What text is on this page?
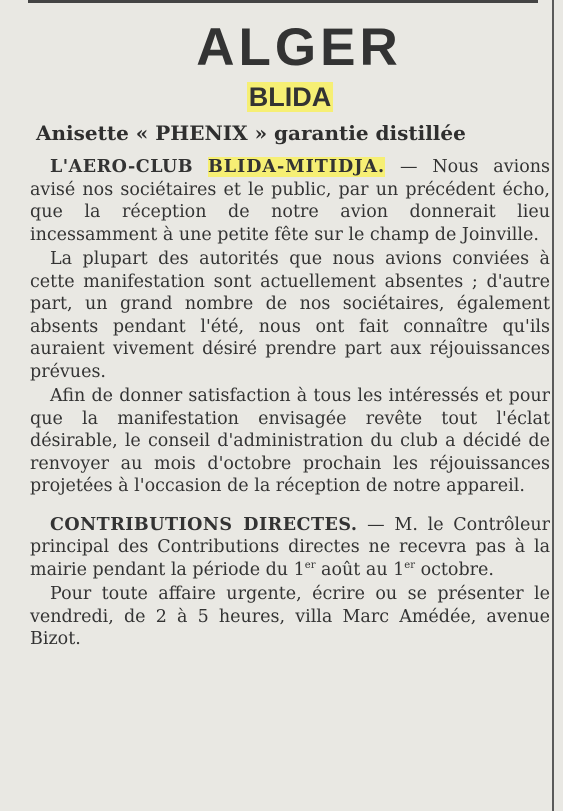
ALGER
BLIDA
Anisette « PHENIX » garantie distillée

L'AERO-CLUB BLIDA-MITIDJA. — Nous avions avisé nos sociétaires et le public, par un précédent écho, que la réception de notre avion donnerait lieu incessamment à une petite fête sur le champ de Joinville.

La plupart des autorités que nous avions conviées à cette manifestation sont actuellement absentes ; d'autre part, un grand nombre de nos sociétaires, également absents pendant l'été, nous ont fait connaître qu'ils auraient vivement désiré prendre part aux réjouissances prévues.

Afin de donner satisfaction à tous les intéressés et pour que la manifestation envisagée revête tout l'éclat désirable, le conseil d'administration du club a décidé de renvoyer au mois d'octobre prochain les réjouissances projetées à l'occasion de la réception de notre appareil.

CONTRIBUTIONS DIRECTES. — M. le Contrôleur principal des Contributions directes ne recevra pas à la mairie pendant la période du 1er août au 1er octobre.

Pour toute affaire urgente, écrire ou se présenter le vendredi, de 2 à 5 heures, villa Marc Amédée, avenue Bizot.
